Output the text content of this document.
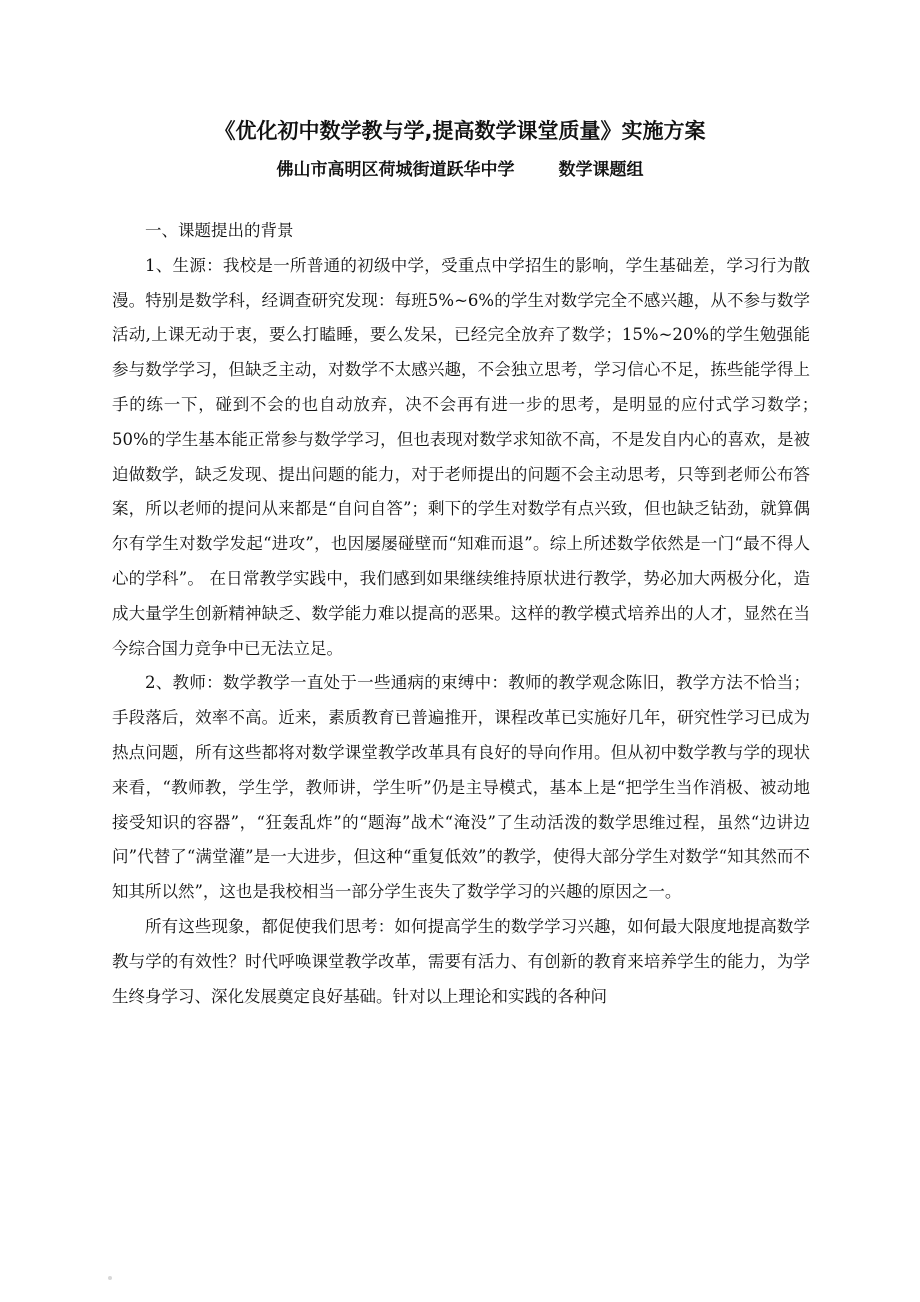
《优化初中数学教与学,提高数学课堂质量》实施方案
佛山市高明区荷城街道跃华中学	数学课题组

一、课题提出的背景

1、生源：我校是一所普通的初级中学，受重点中学招生的影响，学生基础差，学习行为散漫。特别是数学科，经调查研究发现：每班5%~6%的学生对数学完全不感兴趣，从不参与数学活动,上课无动于衷，要么打瞌睡，要么发呆，已经完全放弃了数学；15%~20%的学生勉强能参与数学学习，但缺乏主动，对数学不太感兴趣，不会独立思考，学习信心不足，拣些能学得上手的练一下，碰到不会的也自动放弃，决不会再有进一步的思考，是明显的应付式学习数学；　50%的学生基本能正常参与数学学习，但也表现对数学求知欲不高，不是发自内心的喜欢，是被迫做数学，缺乏发现、提出问题的能力，对于老师提出的问题不会主动思考，只等到老师公布答案，所以老师的提问从来都是“自问自答”；剩下的学生对数学有点兴致，但也缺乏钻劲，就算偶尔有学生对数学发起“进攻”，也因屡屡碰壁而“知难而退”。综上所述数学依然是一门“最不得人心的学科”。 在日常教学实践中，我们感到如果继续维持原状进行教学，势必加大两极分化，造成大量学生创新精神缺乏、数学能力难以提高的恶果。这样的教学模式培养出的人才，显然在当今综合国力竞争中已无法立足。

2、教师：数学教学一直处于一些通病的束缚中：教师的教学观念陈旧，教学方法不恰当；手段落后，效率不高。近来，素质教育已普遍推开，课程改革已实施好几年，研究性学习已成为热点问题，所有这些都将对数学课堂教学改革具有良好的导向作用。但从初中数学教与学的现状来看，“教师教，学生学，教师讲，学生听”仍是主导模式，基本上是“把学生当作消极、被动地接受知识的容器”，“狂轰乱炸”的“题海”战术“淹没”了生动活泼的数学思维过程，虽然“边讲边问”代替了“满堂灌”是一大进步，但这种“重复低效”的教学，使得大部分学生对数学“知其然而不知其所以然”，这也是我校相当一部分学生丧失了数学学习的兴趣的原因之一。

所有这些现象，都促使我们思考：如何提高学生的数学学习兴趣，如何最大限度地提高数学教与学的有效性？时代呼唤课堂教学改革，需要有活力、有创新的教育来培养学生的能力，为学生终身学习、深化发展奠定良好基础。针对以上理论和实践的各种问
